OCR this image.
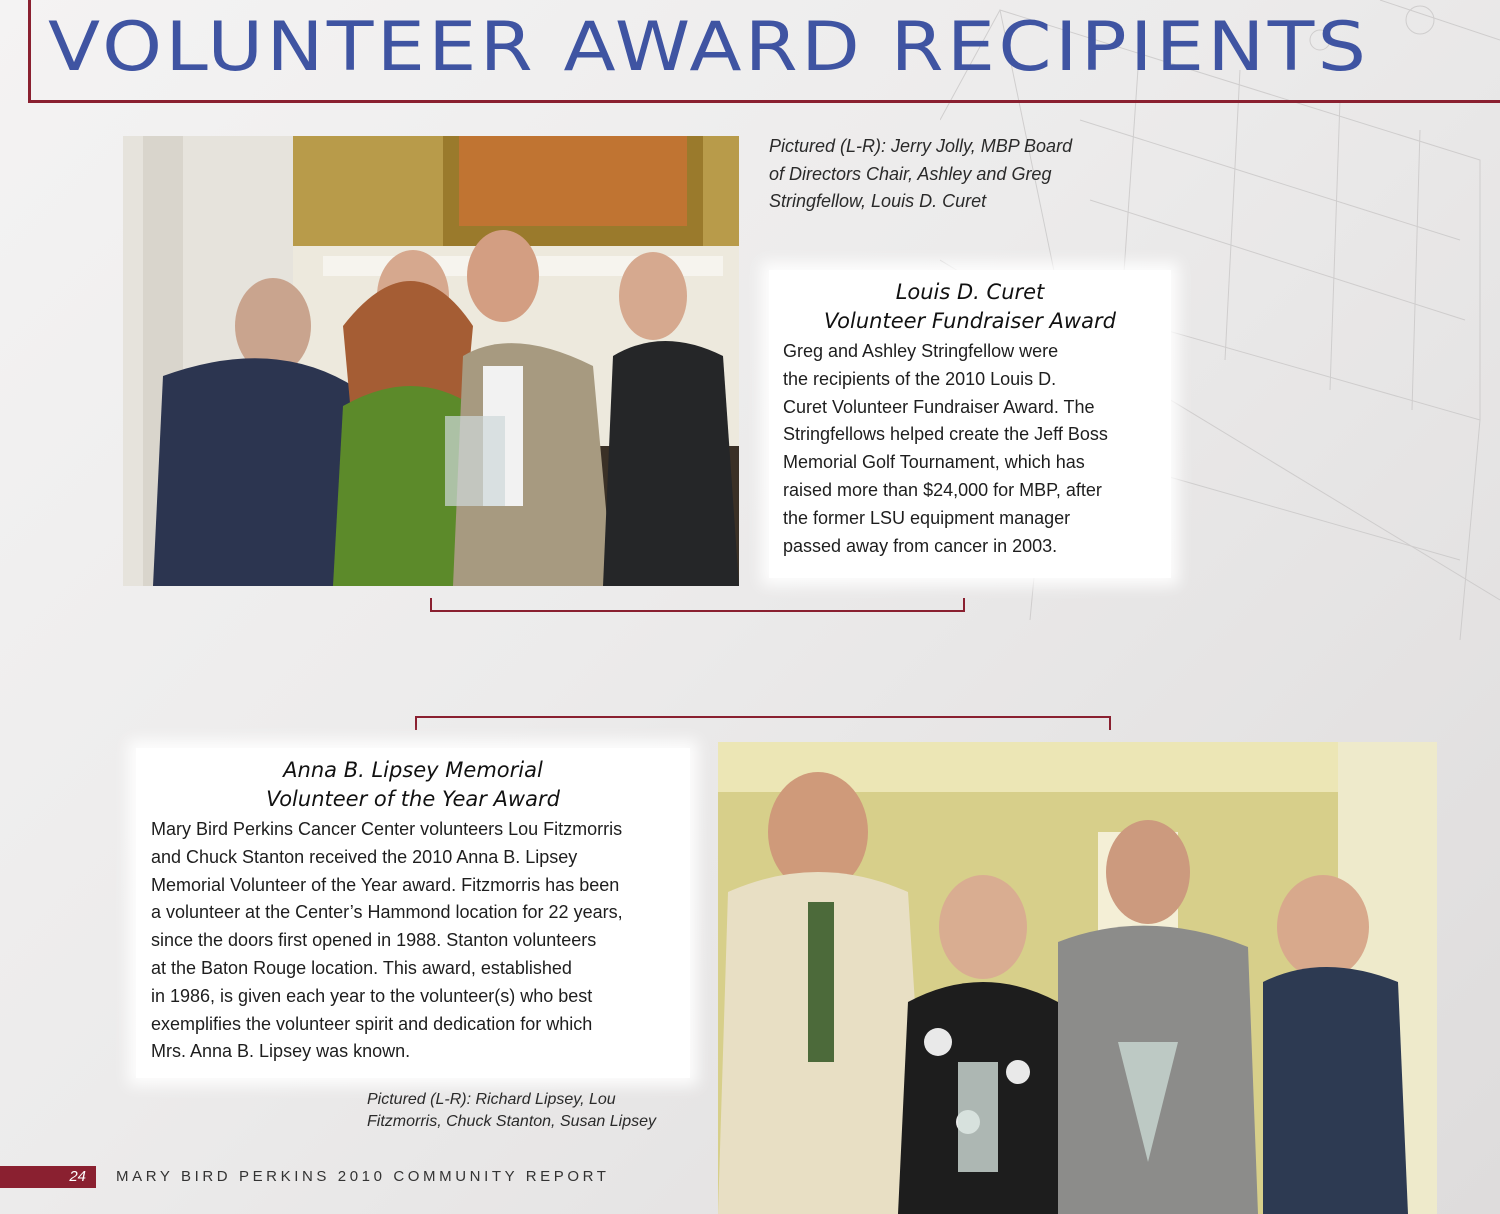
VOLUNTEER AWARD RECIPIENTS
Pictured (L-R): Jerry Jolly, MBP Board
of Directors Chair, Ashley and Greg
Stringfellow, Louis D. Curet
Louis D. Curet
Volunteer Fundraiser Award
Greg and Ashley Stringfellow were
the recipients of the 2010 Louis D.
Curet Volunteer Fundraiser Award. The
Stringfellows helped create the Jeff Boss
Memorial Golf Tournament, which has
raised more than $24,000 for MBP, after
the former LSU equipment manager
passed away from cancer in 2003.
Anna B. Lipsey Memorial
Volunteer of the Year Award
Mary Bird Perkins Cancer Center volunteers Lou Fitzmorris
and Chuck Stanton received the 2010 Anna B. Lipsey
Memorial Volunteer of the Year award. Fitzmorris has been
a volunteer at the Center’s Hammond location for 22 years,
since the doors first opened in 1988. Stanton volunteers
at the Baton Rouge location. This award, established
in 1986, is given each year to the volunteer(s) who best
exemplifies the volunteer spirit and dedication for which
Mrs. Anna B. Lipsey was known.
Pictured (L-R): Richard Lipsey, Lou
Fitzmorris, Chuck Stanton, Susan Lipsey
24	MARY BIRD PERKINS 2010 COMMUNITY REPORT
